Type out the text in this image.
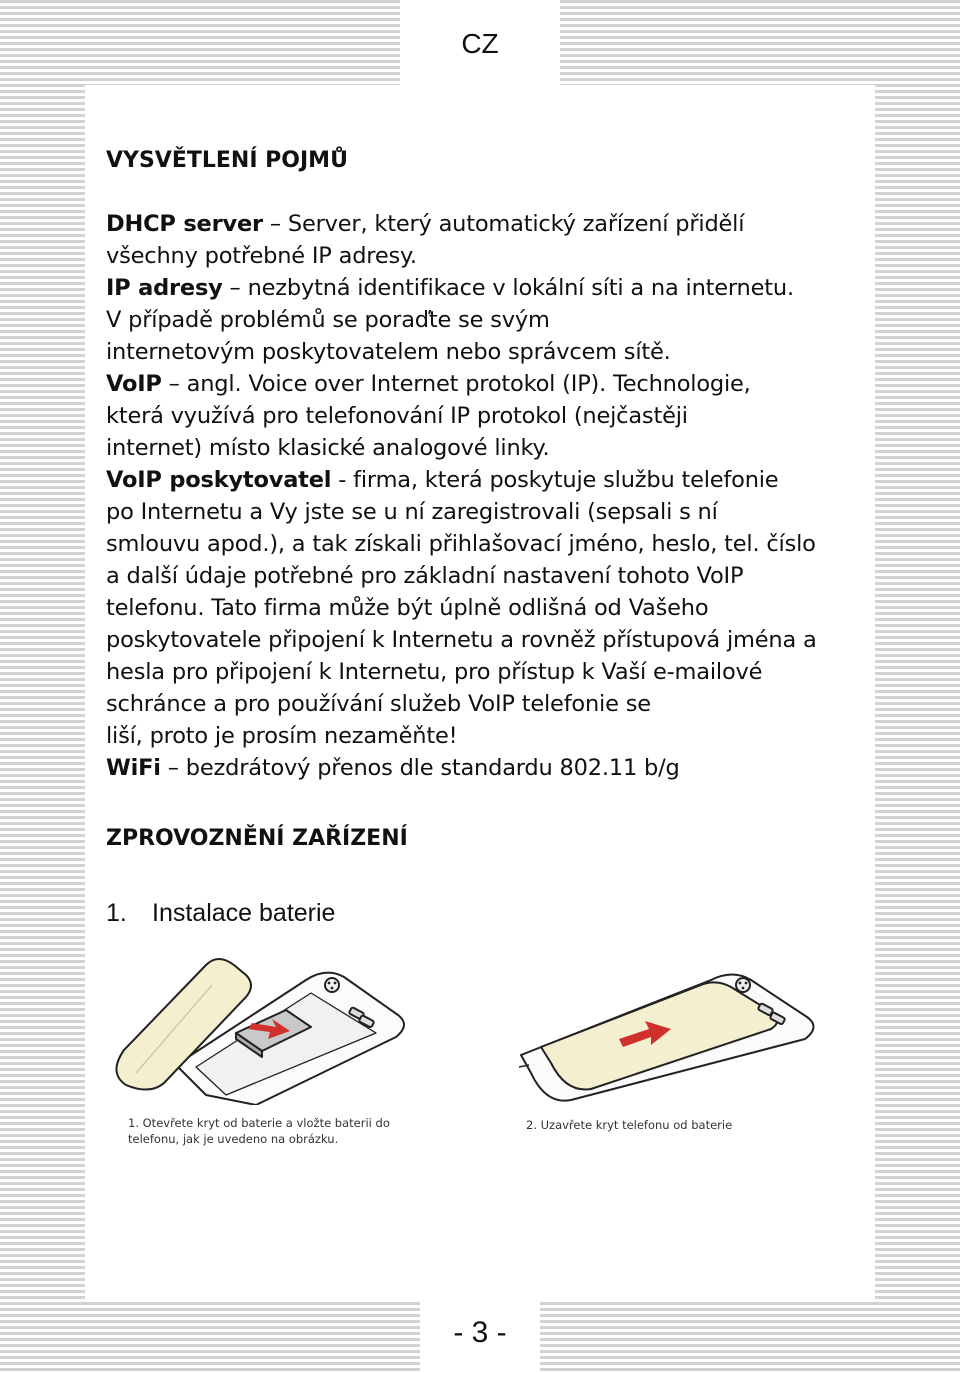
CZ
VYSVĚTLENÍ POJMŮ
DHCP server – Server, který automatický zařízení přidělí
všechny potřebné IP adresy.
IP adresy – nezbytná identifikace v lokální síti a na internetu.
V případě problémů se poraďte se svým
internetovým poskytovatelem nebo správcem sítě.
VoIP – angl. Voice over Internet protokol (IP). Technologie,
která využívá pro telefonování IP protokol (nejčastěji
internet) místo klasické analogové linky.
VoIP poskytovatel - firma, která poskytuje službu telefonie
po Internetu a Vy jste se u ní zaregistrovali (sepsali s ní
smlouvu apod.), a tak získali přihlašovací jméno, heslo, tel. číslo
a další údaje potřebné pro základní nastavení tohoto VoIP
telefonu. Tato firma může být úplně odlišná od Vašeho
poskytovatele připojení k Internetu a rovněž přístupová jména a
hesla pro připojení k Internetu, pro přístup k Vaší e-mailové
schránce a pro používání služeb VoIP telefonie se
liší, proto je prosím nezaměňte!
WiFi – bezdrátový přenos dle standardu 802.11 b/g
ZPROVOZNĚNÍ ZAŘÍZENÍ
1. Instalace baterie
1. Otevřete kryt od baterie a vložte baterii do
telefonu, jak je uvedeno na obrázku.
2. Uzavřete kryt telefonu od baterie
- 3 -
